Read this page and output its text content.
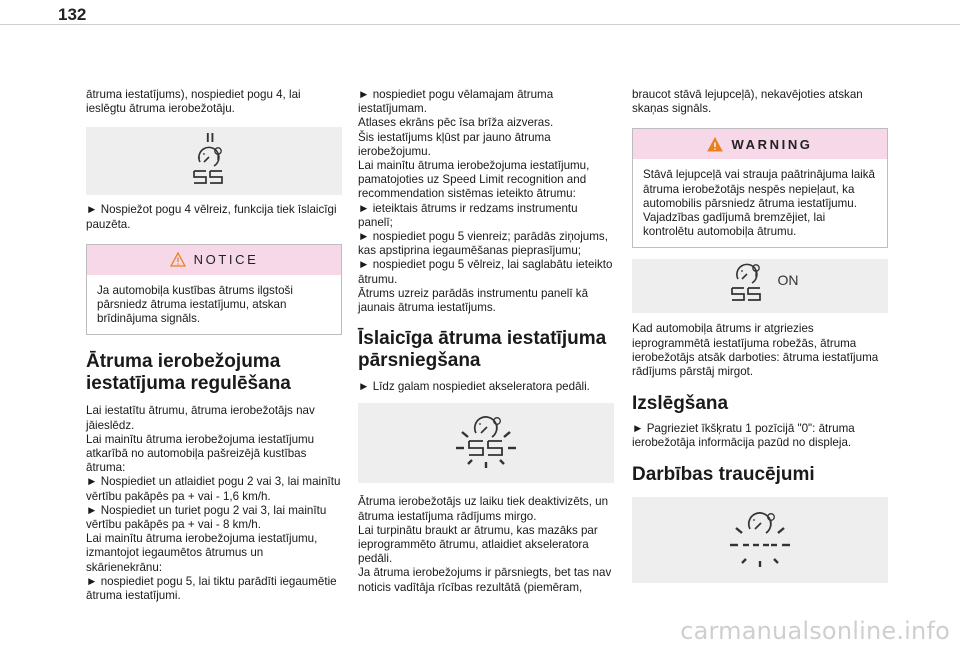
132

ātruma iestatījums), nospiediet pogu 4, lai ieslēgtu ātruma ierobežotāju.

II

► Nospiežot pogu 4 vēlreiz, funkcija tiek īslaicīgi pauzēta.

NOTICE

Ja automobiļa kustības ātrums ilgstoši pārsniedz ātruma iestatījumu, atskan brīdinājuma signāls.

Ātruma ierobežojuma iestatījuma regulēšana

Lai iestatītu ātrumu, ātruma ierobežotājs nav jāieslēdz.

Lai mainītu ātruma ierobežojuma iestatījumu atkarībā no automobiļa pašreizējā kustības ātruma:

► Nospiediet un atlaidiet pogu 2 vai 3, lai mainītu vērtību pakāpēs pa + vai - 1,6 km/h.

► Nospiediet un turiet pogu 2 vai 3, lai mainītu vērtību pakāpēs pa + vai - 8 km/h.

Lai mainītu ātruma ierobežojuma iestatījumu, izmantojot iegaumētos ātrumus un skārienekrānu:

► nospiediet pogu 5, lai tiktu parādīti iegaumētie ātruma iestatījumi.

► nospiediet pogu vēlamajam ātruma iestatījumam.

Atlases ekrāns pēc īsa brīža aizveras.

Šis iestatījums kļūst par jauno ātruma ierobežojumu.

Lai mainītu ātruma ierobežojuma iestatījumu, pamatojoties uz Speed Limit recognition and recommendation sistēmas ieteikto ātrumu:

► ieteiktais ātrums ir redzams instrumentu panelī;

► nospiediet pogu 5 vienreiz; parādās ziņojums, kas apstiprina iegaumēšanas pieprasījumu;

► nospiediet pogu 5 vēlreiz, lai saglabātu ieteikto ātrumu.

Ātrums uzreiz parādās instrumentu panelī kā jaunais ātruma iestatījums.

Īslaicīga ātruma iestatījuma pārsniegšana

► Līdz galam nospiediet akseleratora pedāli.

Ātruma ierobežotājs uz laiku tiek deaktivizēts, un ātruma iestatījuma rādījums mirgo.

Lai turpinātu braukt ar ātrumu, kas mazāks par ieprogrammēto ātrumu, atlaidiet akseleratora pedāli.

Ja ātruma ierobežojums ir pārsniegts, bet tas nav noticis vadītāja rīcības rezultātā (piemēram,

braucot stāvā lejupceļā), nekavējoties atskan skaņas signāls.

WARNING

Stāvā lejupceļā vai strauja paātrinājuma laikā ātruma ierobežotājs nespēs nepieļaut, ka automobilis pārsniedz ātruma iestatījumu. Vajadzības gadījumā bremzējiet, lai kontrolētu automobiļa ātrumu.

ON

Kad automobiļa ātrums ir atgriezies ieprogrammētā iestatījuma robežās, ātruma ierobežotājs atsāk darboties: ātruma iestatījuma rādījums pārstāj mirgot.

Izslēgšana

► Pagrieziet īkšķratu 1 pozīcijā "0": ātruma ierobežotāja informācija pazūd no displeja.

Darbības traucējumi
carmanualsonline.info
